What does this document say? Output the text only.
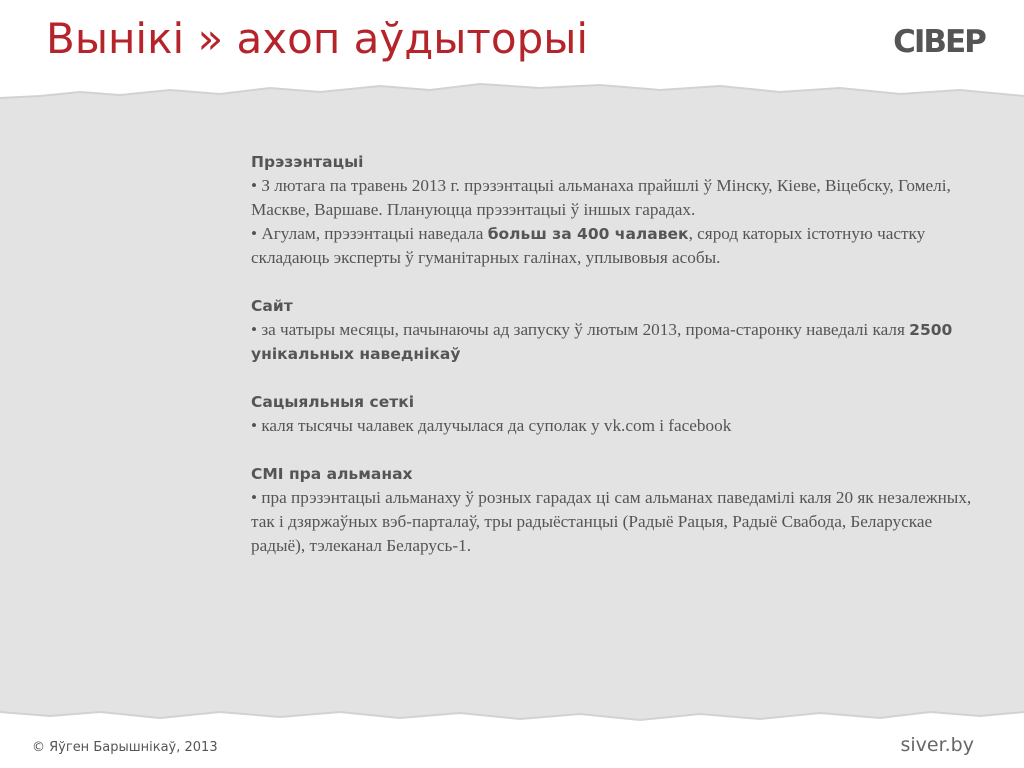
Вынікі » ахоп аўдыторыі	CIBEP
Прэзэнтацыі
• З лютага па травень 2013 г. прэзэнтацыі альманаха прайшлі ў Мінску, Кіеве, Віцебску, Гомелі, Маскве, Варшаве. Плануюцца прэзэнтацыі ў іншых гарадах.
• Агулам, прэзэнтацыі наведала больш за 400 чалавек, сярод каторых істотную частку складаюць эксперты ў гуманітарных галінах, уплывовыя асобы.
Сайт
• за чатыры месяцы, пачынаючы ад запуску ў лютым 2013, прома-старонку наведалі каля 2500 унікальных наведнікаў
Сацыяльныя сеткі
• каля тысячы чалавек далучылася да суполак у vk.com і facebook
СМІ пра альманах
• пра прэзэнтацыі альманаху ў розных гарадах ці сам альманах паведамілі каля 20 як незалежных, так і дзяржаўных вэб-парталаў, тры радыёстанцыі (Радыё Рацыя, Радыё Свабода, Беларускае радыё), тэлеканал Беларусь-1.
© Яўген Барышнікаў, 2013	siver.by
